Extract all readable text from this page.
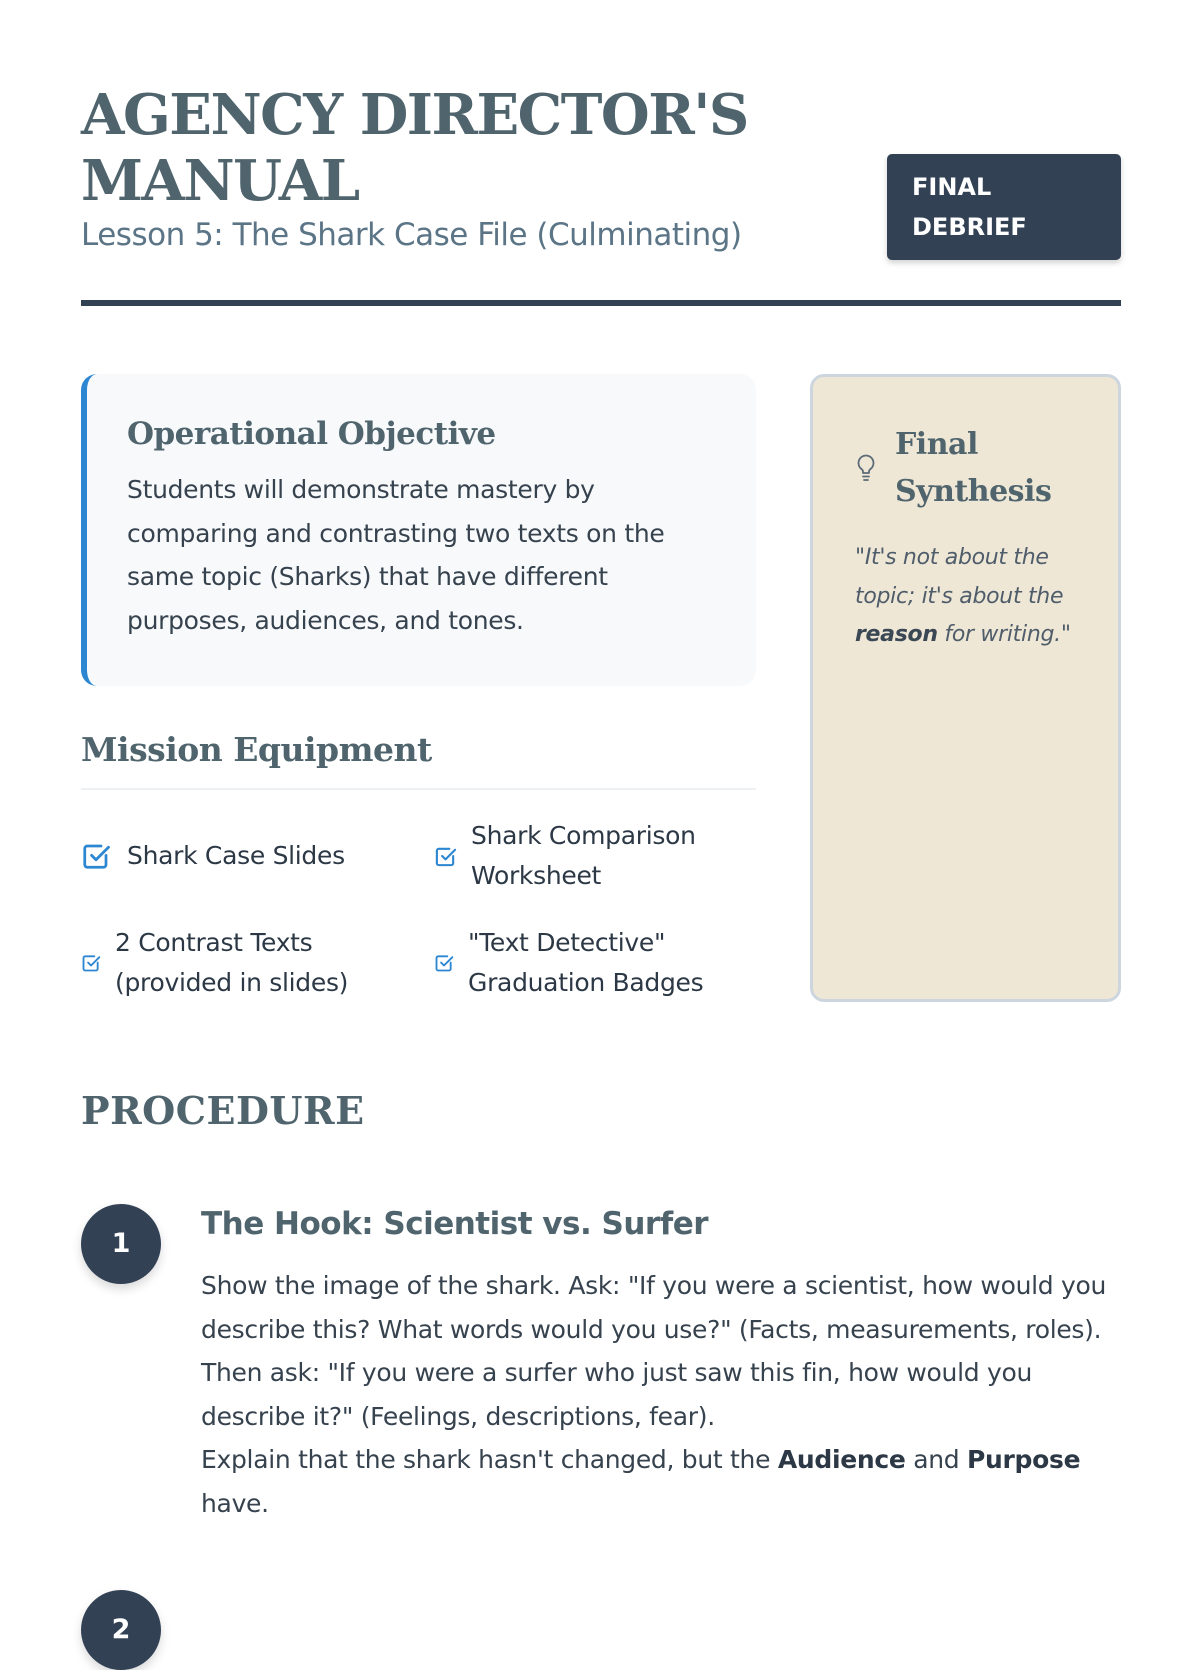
AGENCY DIRECTOR'S MANUAL
Lesson 5: The Shark Case File (Culminating)
FINAL
DEBRIEF
Operational Objective

Students will demonstrate mastery by comparing and contrasting two texts on the same topic (Sharks) that have different purposes, audiences, and tones.

Mission Equipment
Shark Case Slides
Shark Comparison Worksheet
2 Contrast Texts (provided in slides)
"Text Detective" Graduation Badges
Final
Synthesis
"It's not about the topic; it's about the reason for writing."
PROCEDURE
1
The Hook: Scientist vs. Surfer

Show the image of the shark. Ask: "If you were a scientist, how would you describe this? What words would you use?" (Facts, measurements, roles). Then ask: "If you were a surfer who just saw this fin, how would you describe it?" (Feelings, descriptions, fear).

Explain that the shark hasn't changed, but the Audience and Purpose have.

2
